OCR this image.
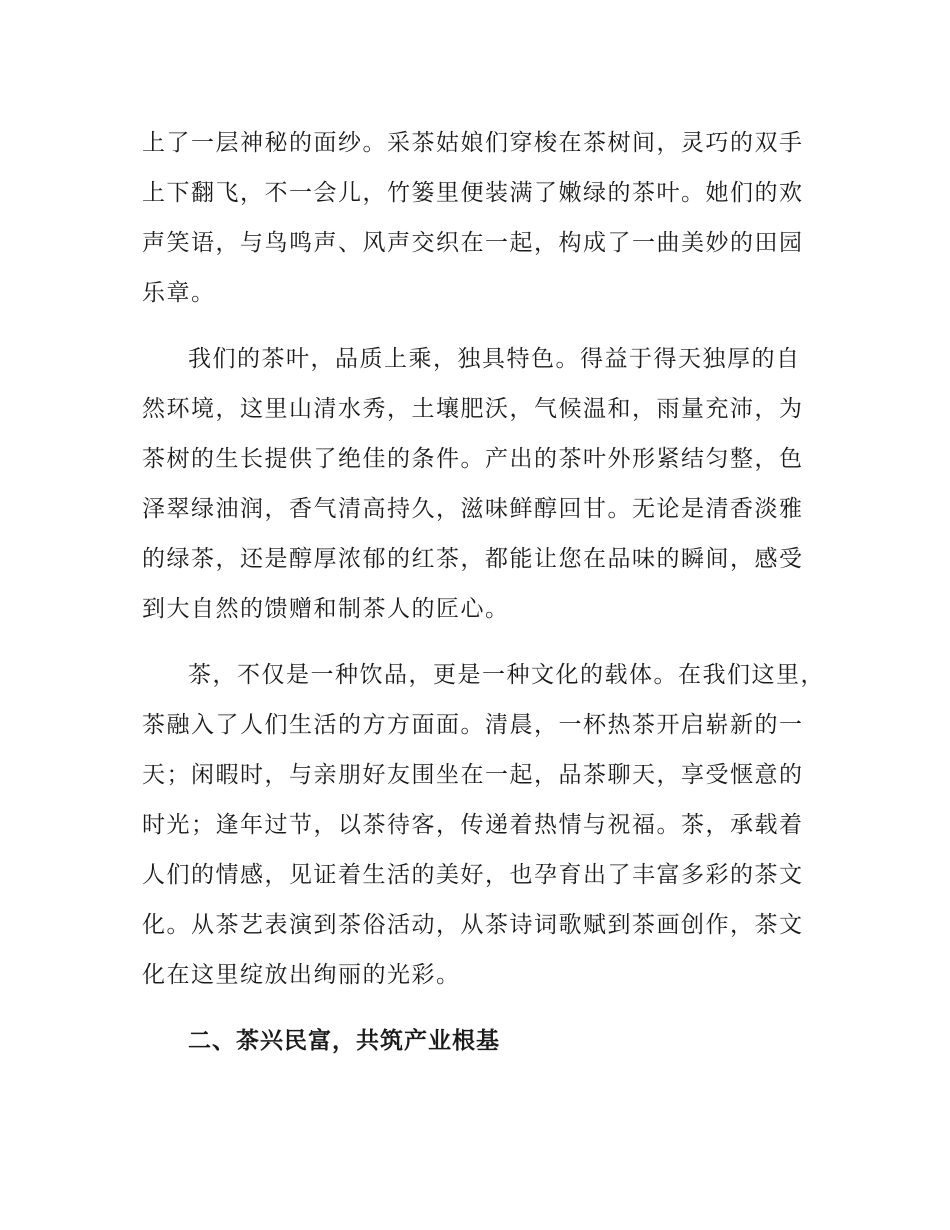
上了一层神秘的面纱。采茶姑娘们穿梭在茶树间，灵巧的双手
上下翻飞，不一会儿，竹篓里便装满了嫩绿的茶叶。她们的欢
声笑语，与鸟鸣声、风声交织在一起，构成了一曲美妙的田园
乐章。
我们的茶叶，品质上乘，独具特色。得益于得天独厚的自
然环境，这里山清水秀，土壤肥沃，气候温和，雨量充沛，为
茶树的生长提供了绝佳的条件。产出的茶叶外形紧结匀整，色
泽翠绿油润，香气清高持久，滋味鲜醇回甘。无论是清香淡雅
的绿茶，还是醇厚浓郁的红茶，都能让您在品味的瞬间，感受
到大自然的馈赠和制茶人的匠心。
茶，不仅是一种饮品，更是一种文化的载体。在我们这里，
茶融入了人们生活的方方面面。清晨，一杯热茶开启崭新的一
天；闲暇时，与亲朋好友围坐在一起，品茶聊天，享受惬意的
时光；逢年过节，以茶待客，传递着热情与祝福。茶，承载着
人们的情感，见证着生活的美好，也孕育出了丰富多彩的茶文
化。从茶艺表演到茶俗活动，从茶诗词歌赋到茶画创作，茶文
化在这里绽放出绚丽的光彩。
二、茶兴民富，共筑产业根基
